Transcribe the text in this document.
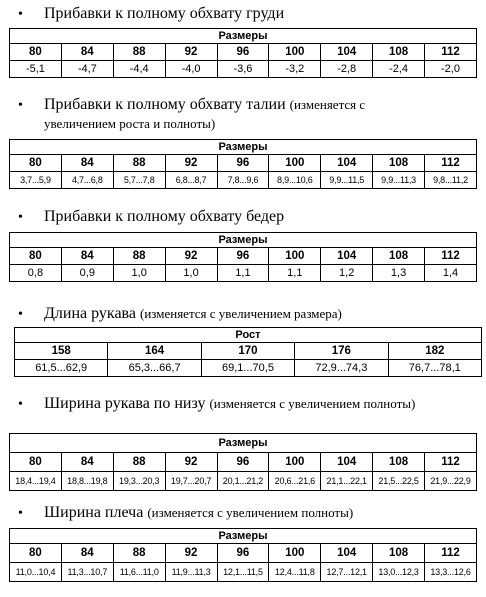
• Прибавки к полному обхвату груди
Размеры								
80	84	88	92	96	100	104	108	112
-5,1	-4,7	-4,4	-4,0	-3,6	-3,2	-2,8	-2,4	-2,0
• Прибавки к полному обхвату талии (изменяется с
увеличением роста и полноты)
Размеры								
80	84	88	92	96	100	104	108	112
3,7...5,9	4,7...6,8	5,7...7,8	6,8...8,7	7,8...9,6	8,9...10,6	9,9...11,5	9,9...11,3	9,8...11,2
• Прибавки к полному обхвату бедер
Размеры								
80	84	88	92	96	100	104	108	112
0,8	0,9	1,0	1,0	1,1	1,1	1,2	1,3	1,4
• Длина рукава (изменяется с увеличением размера)
Рост				
158	164	170	176	182
61,5...62,9	65,3...66,7	69,1...70,5	72,9...74,3	76,7...78,1
• Ширина рукава по низу (изменяется с увеличением полноты)
Размеры								
80	84	88	92	96	100	104	108	112
18,4...19,4	18,8...19,8	19,3...20,3	19,7...20,7	20,1...21,2	20,6...21,6	21,1...22,1	21,5...22,5	21,9...22,9
• Ширина плеча (изменяется с увеличением полноты)
Размеры								
80	84	88	92	96	100	104	108	112
11,0...10,4	11,3...10,7	11,6...11,0	11,9...11,3	12,1...11,5	12,4...11,8	12,7...12,1	13,0...12,3	13,3...12,6
